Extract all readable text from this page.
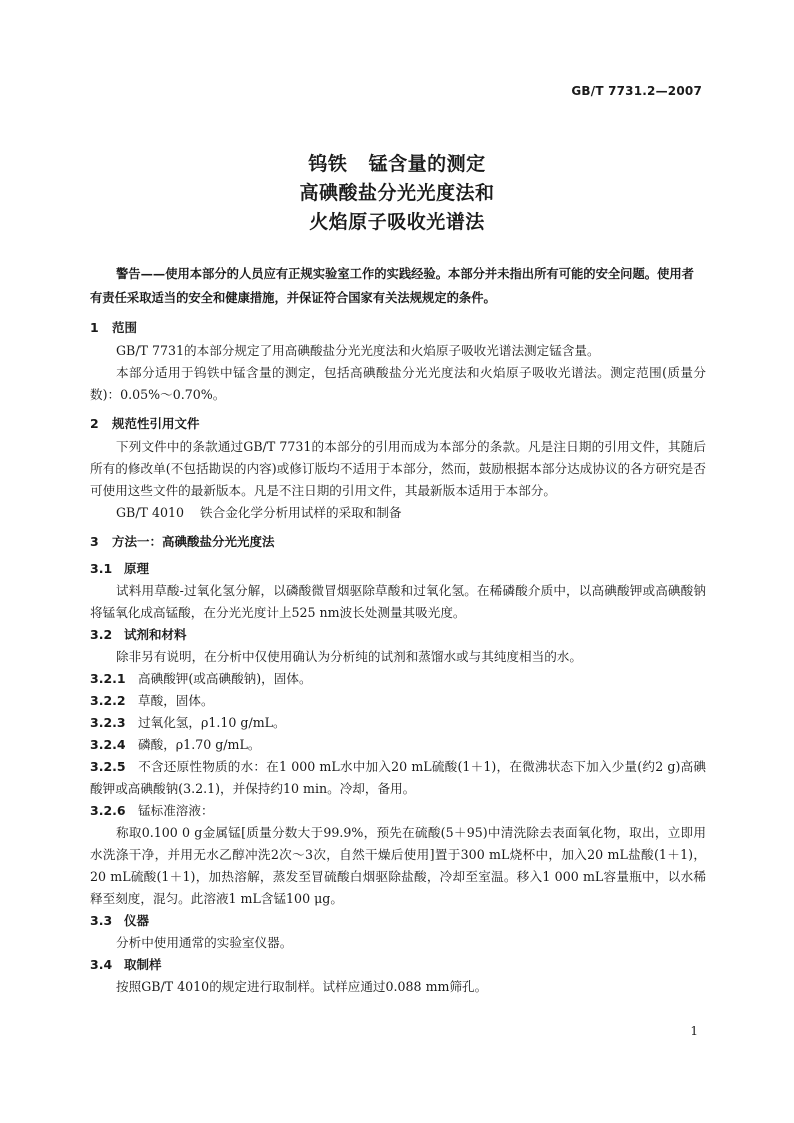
GB/T 7731.2—2007
钨铁   锰含量的测定
高碘酸盐分光光度法和
火焰原子吸收光谱法

警告——使用本部分的人员应有正规实验室工作的实践经验。本部分并未指出所有可能的安全问题。使用者有责任采取适当的安全和健康措施，并保证符合国家有关法规规定的条件。

1 范围

GB/T 7731的本部分规定了用高碘酸盐分光光度法和火焰原子吸收光谱法测定锰含量。

本部分适用于钨铁中锰含量的测定，包括高碘酸盐分光光度法和火焰原子吸收光谱法。测定范围(质量分数)：0.05%～0.70%。

2 规范性引用文件

下列文件中的条款通过GB/T 7731的本部分的引用而成为本部分的条款。凡是注日期的引用文件，其随后所有的修改单(不包括勘误的内容)或修订版均不适用于本部分，然而，鼓励根据本部分达成协议的各方研究是否可使用这些文件的最新版本。凡是不注日期的引用文件，其最新版本适用于本部分。

GB/T 4010 铁合金化学分析用试样的采取和制备

3 方法一：高碘酸盐分光光度法
3.1 原理

试料用草酸-过氧化氢分解，以磷酸微冒烟驱除草酸和过氧化氢。在稀磷酸介质中，以高碘酸钾或高碘酸钠将锰氧化成高锰酸，在分光光度计上525 nm波长处测量其吸光度。

3.2 试剂和材料

除非另有说明，在分析中仅使用确认为分析纯的试剂和蒸馏水或与其纯度相当的水。

3.2.1 高碘酸钾(或高碘酸钠)，固体。

3.2.2 草酸，固体。

3.2.3 过氧化氢，ρ1.10 g/mL。

3.2.4 磷酸，ρ1.70 g/mL。

3.2.5 不含还原性物质的水：在1 000 mL水中加入20 mL硫酸(1＋1)，在微沸状态下加入少量(约2 g)高碘酸钾或高碘酸钠(3.2.1)，并保持约10 min。冷却，备用。

3.2.6 锰标准溶液：

称取0.100 0 g金属锰[质量分数大于99.9%，预先在硫酸(5＋95)中清洗除去表面氧化物，取出，立即用水洗涤干净，并用无水乙醇冲洗2次～3次，自然干燥后使用]置于300 mL烧杯中，加入20 mL盐酸(1＋1)，20 mL硫酸(1＋1)，加热溶解，蒸发至冒硫酸白烟驱除盐酸，冷却至室温。移入1 000 mL容量瓶中，以水稀释至刻度，混匀。此溶液1 mL含锰100 μg。

3.3 仪器

分析中使用通常的实验室仪器。

3.4 取制样

按照GB/T 4010的规定进行取制样。试样应通过0.088 mm筛孔。

1
